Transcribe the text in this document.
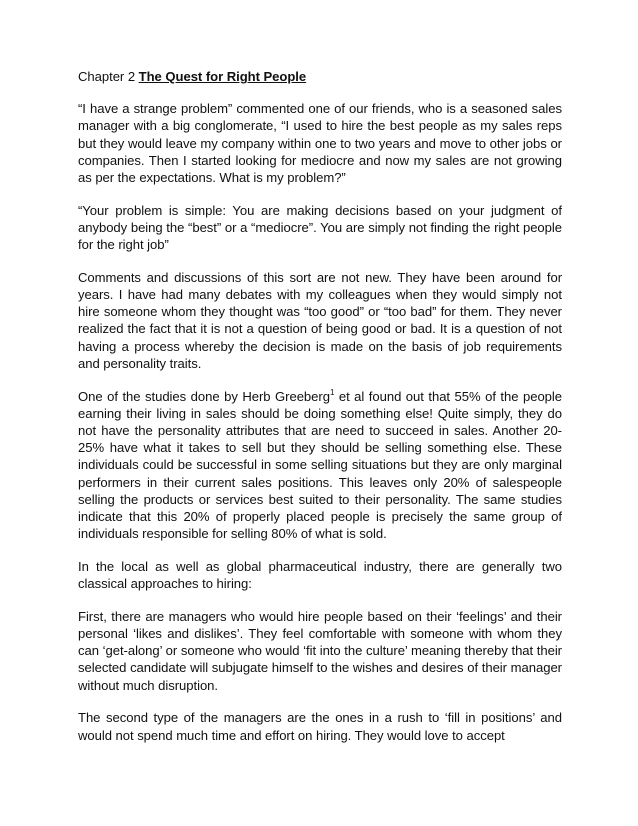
Chapter 2 The Quest for Right People

“I have a strange problem” commented one of our friends, who is a seasoned sales manager with a big conglomerate, “I used to hire the best people as my sales reps but they would leave my company within one to two years and move to other jobs or companies. Then I started looking for mediocre and now my sales are not growing as per the expectations. What is my problem?”

“Your problem is simple: You are making decisions based on your judgment of anybody being the “best” or a “mediocre”. You are simply not finding the right people for the right job”

Comments and discussions of this sort are not new. They have been around for years. I have had many debates with my colleagues when they would simply not hire someone whom they thought was “too good” or “too bad” for them. They never realized the fact that it is not a question of being good or bad. It is a question of not having a process whereby the decision is made on the basis of job requirements and personality traits.

One of the studies done by Herb Greeberg$^1$ et al found out that 55% of the people earning their living in sales should be doing something else! Quite simply, they do not have the personality attributes that are need to succeed in sales. Another 20-25% have what it takes to sell but they should be selling something else. These individuals could be successful in some selling situations but they are only marginal performers in their current sales positions. This leaves only 20% of salespeople selling the products or services best suited to their personality. The same studies indicate that this 20% of properly placed people is precisely the same group of individuals responsible for selling 80% of what is sold.

In the local as well as global pharmaceutical industry, there are generally two classical approaches to hiring:

First, there are managers who would hire people based on their ‘feelings’ and their personal ‘likes and dislikes’. They feel comfortable with someone with whom they can ‘get-along’ or someone who would ‘fit into the culture’ meaning thereby that their selected candidate will subjugate himself to the wishes and desires of their manager without much disruption.

The second type of the managers are the ones in a rush to ‘fill in positions’ and would not spend much time and effort on hiring. They would love to accept
